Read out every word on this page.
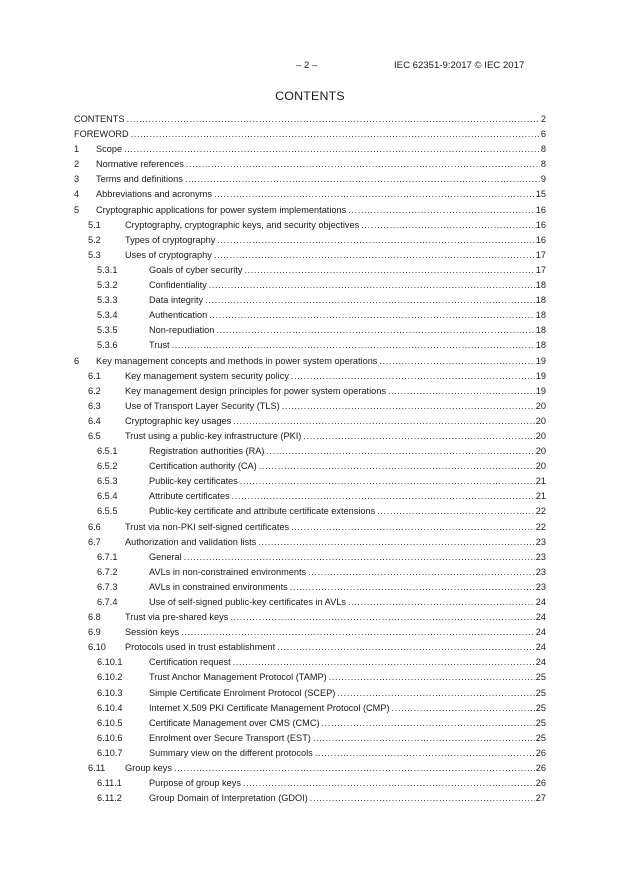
– 2 –	IEC 62351-9:2017 © IEC 2017
CONTENTS
CONTENTS .....	2
FOREWORD .....	6
1 Scope .....	8
2 Normative references .....	8
3 Terms and definitions .....	9
4 Abbreviations and acronyms .....	15
5 Cryptographic applications for power system implementations .....	16
5.1	Cryptography, cryptographic keys, and security objectives .....	16
5.2	Types of cryptography .....	16
5.3	Uses of cryptography .....	17
5.3.1	Goals of cyber security .....	17
5.3.2	Confidentiality .....	18
5.3.3	Data integrity .....	18
5.3.4	Authentication .....	18
5.3.5	Non-repudiation .....	18
5.3.6	Trust .....	18
6 Key management concepts and methods in power system operations .....	19
6.1	Key management system security policy .....	19
6.2	Key management design principles for power system operations .....	19
6.3	Use of Transport Layer Security (TLS) .....	20
6.4	Cryptographic key usages .....	20
6.5	Trust using a public-key infrastructure (PKI) .....	20
6.5.1	Registration authorities (RA) .....	20
6.5.2	Certification authority (CA) .....	20
6.5.3	Public-key certificates .....	21
6.5.4	Attribute certificates .....	21
6.5.5	Public-key certificate and attribute certificate extensions .....	22
6.6	Trust via non-PKI self-signed certificates .....	22
6.7	Authorization and validation lists .....	23
6.7.1	General .....	23
6.7.2	AVLs in non-constrained environments .....	23
6.7.3	AVLs in constrained environments .....	23
6.7.4	Use of self-signed public-key certificates in AVLs .....	24
6.8	Trust via pre-shared keys .....	24
6.9	Session keys .....	24
6.10 Protocols used in trust establishment .....	24
6.10.1	Certification request .....	24
6.10.2	Trust Anchor Management Protocol (TAMP) .....	25
6.10.3	Simple Certificate Enrolment Protocol (SCEP) .....	25
6.10.4	Internet X.509 PKI Certificate Management Protocol (CMP) .....	25
6.10.5	Certificate Management over CMS (CMC) .....	25
6.10.6	Enrolment over Secure Transport (EST) .....	25
6.10.7	Summary view on the different protocols .....	26
6.11 Group keys .....	26
6.11.1	Purpose of group keys .....	26
6.11.2	Group Domain of Interpretation (GDOI) .....	27
